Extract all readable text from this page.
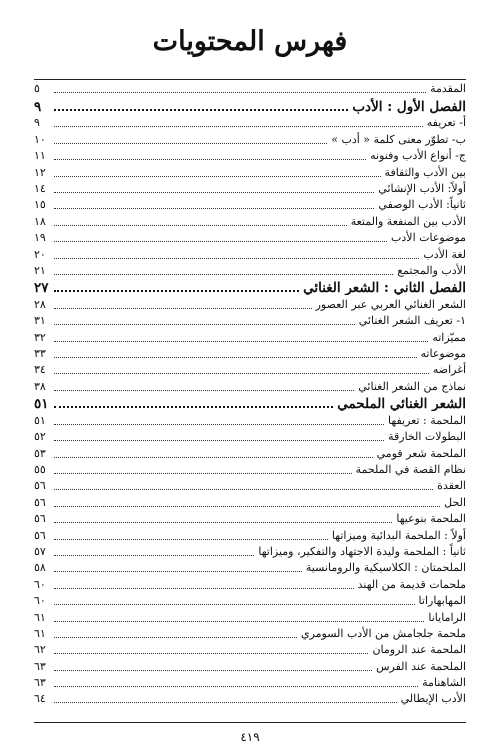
فهرس المحتويات
المقدمة
٥
الفصل الأول : الأدب
٩
أ- تعريفه
٩
ب- تطوّر معنى كلمة « أدب »
١٠
ج- أنواع الأدب وفنونه
١١
بين الأدب والثقافة
١٢
أولاً: الأدب الإنشائي
١٤
ثانياً: الأدب الوصفي
١٥
الأدب بين المنفعة والمتعة
١٨
موضوعات الأدب
١٩
لغة الأدب
٢٠
الأدب والمجتمع
٢١
الفصل الثاني : الشعر الغنائي
٢٧
الشعر الغنائي العربي عبر العصور
٢٨
١- تعريف الشعر الغنائي
٣١
مميّزاته
٣٢
موضوعاته
٣٣
أغراضه
٣٤
نماذج من الشعر الغنائي
٣٨
الشعر الغنائي الملحمي
٥١
الملحمة : تعريفها
٥١
البطولات الخارقة
٥٢
الملحمة شعر قومي
٥٣
نظام القصة في الملحمة
٥٥
العقدة
٥٦
الحل
٥٦
الملحمة بنوعيها
٥٦
أولاً : الملحمة البدائية وميزاتها
٥٦
ثانياً : الملحمة وليدة الاجتهاد والتفكير، وميزاتها
٥٧
الملحمتان : الكلاسيكية والرومانسية
٥٨
ملحمات قديمة من الهند
٦٠
المهابهاراتا
٦٠
الرامايانا
٦١
ملحمة جلجامش من الأدب السومري
٦١
الملحمة عند الرومان
٦٢
الملحمة عند الفرس
٦٣
الشاهنامة
٦٣
الأدب الإيطالي
٦٤
٤١٩
